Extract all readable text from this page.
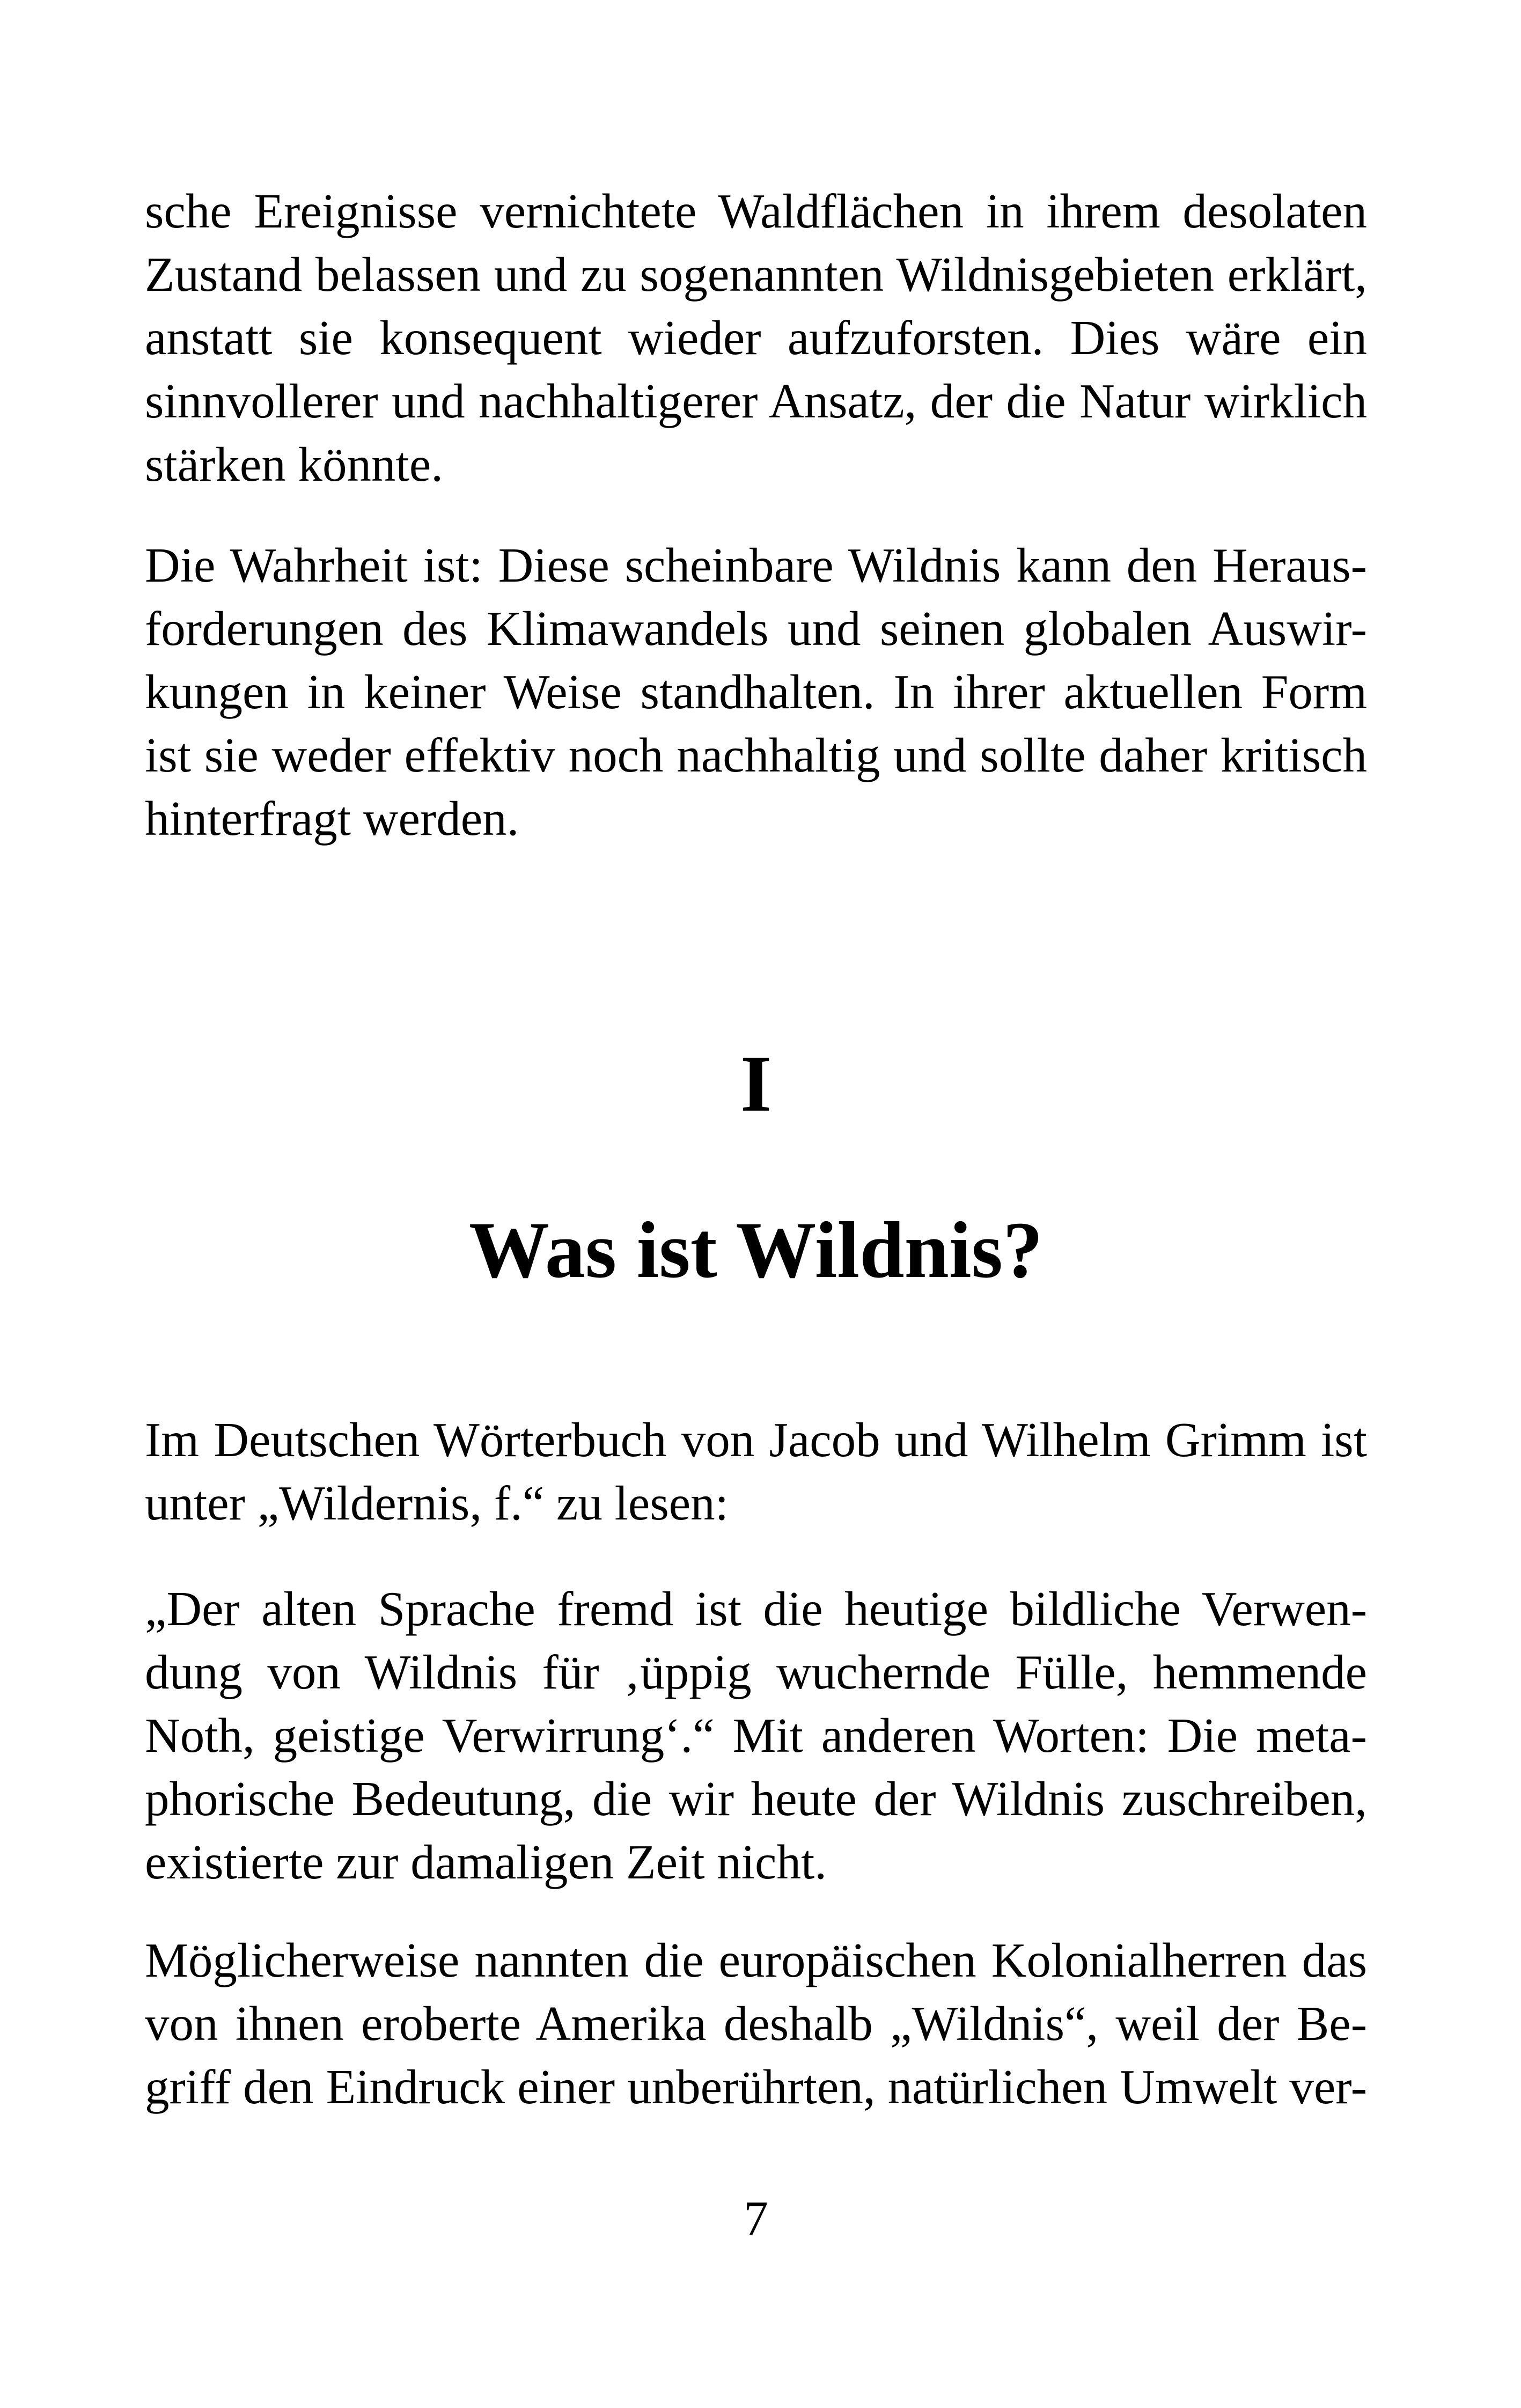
sche Ereignisse vernichtete Waldflächen in ihrem desolaten
Zustand belassen und zu sogenannten Wildnisgebieten erklärt,
anstatt sie konsequent wieder aufzuforsten. Dies wäre ein
sinnvollerer und nachhaltigerer Ansatz, der die Natur wirklich
stärken könnte.
Die Wahrheit ist: Diese scheinbare Wildnis kann den Heraus-
forderungen des Klimawandels und seinen globalen Auswir-
kungen in keiner Weise standhalten. In ihrer aktuellen Form
ist sie weder effektiv noch nachhaltig und sollte daher kritisch
hinterfragt werden.
I
Was ist Wildnis?
Im Deutschen Wörterbuch von Jacob und Wilhelm Grimm ist
unter „Wildernis, f.“ zu lesen:
„Der alten Sprache fremd ist die heutige bildliche Verwen-
dung von Wildnis für ‚üppig wuchernde Fülle, hemmende
Noth, geistige Verwirrung‘.“ Mit anderen Worten: Die meta-
phorische Bedeutung, die wir heute der Wildnis zuschreiben,
existierte zur damaligen Zeit nicht.
Möglicherweise nannten die europäischen Kolonialherren das
von ihnen eroberte Amerika deshalb „Wildnis“, weil der Be-
griff den Eindruck einer unberührten, natürlichen Umwelt ver-
7
